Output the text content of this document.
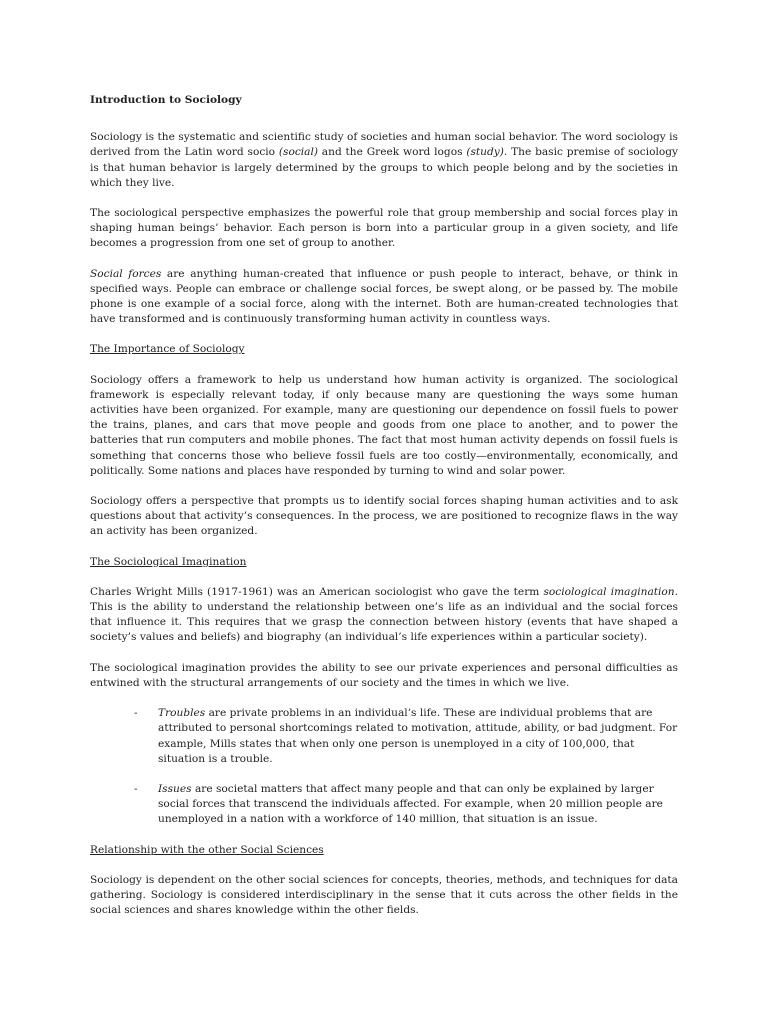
Introduction to Sociology

Sociology is the systematic and scientific study of societies and human social behavior. The word sociology is derived from the Latin word socio (social) and the Greek word logos (study). The basic premise of sociology is that human behavior is largely determined by the groups to which people belong and by the societies in which they live.

The sociological perspective emphasizes the powerful role that group membership and social forces play in shaping human beings’ behavior. Each person is born into a particular group in a given society, and life becomes a progression from one set of group to another.

Social forces are anything human-created that influence or push people to interact, behave, or think in specified ways. People can embrace or challenge social forces, be swept along, or be passed by. The mobile phone is one example of a social force, along with the internet. Both are human-created technologies that have transformed and is continuously transforming human activity in countless ways.

The Importance of Sociology

Sociology offers a framework to help us understand how human activity is organized. The sociological framework is especially relevant today, if only because many are questioning the ways some human activities have been organized. For example, many are questioning our dependence on fossil fuels to power the trains, planes, and cars that move people and goods from one place to another, and to power the batteries that run computers and mobile phones. The fact that most human activity depends on fossil fuels is something that concerns those who believe fossil fuels are too costly—environmentally, economically, and politically. Some nations and places have responded by turning to wind and solar power.

Sociology offers a perspective that prompts us to identify social forces shaping human activities and to ask questions about that activity’s consequences. In the process, we are positioned to recognize flaws in the way an activity has been organized.

The Sociological Imagination

Charles Wright Mills (1917-1961) was an American sociologist who gave the term sociological imagination. This is the ability to understand the relationship between one’s life as an individual and the social forces that influence it. This requires that we grasp the connection between history (events that have shaped a society’s values and beliefs) and biography (an individual’s life experiences within a particular society).

The sociological imagination provides the ability to see our private experiences and personal difficulties as entwined with the structural arrangements of our society and the times in which we live.

- Troubles are private problems in an individual’s life. These are individual problems that are attributed to personal shortcomings related to motivation, attitude, ability, or bad judgment. For example, Mills states that when only one person is unemployed in a city of 100,000, that situation is a trouble.
- Issues are societal matters that affect many people and that can only be explained by larger social forces that transcend the individuals affected. For example, when 20 million people are unemployed in a nation with a workforce of 140 million, that situation is an issue.
Relationship with the other Social Sciences

Sociology is dependent on the other social sciences for concepts, theories, methods, and techniques for data gathering. Sociology is considered interdisciplinary in the sense that it cuts across the other fields in the social sciences and shares knowledge within the other fields.
